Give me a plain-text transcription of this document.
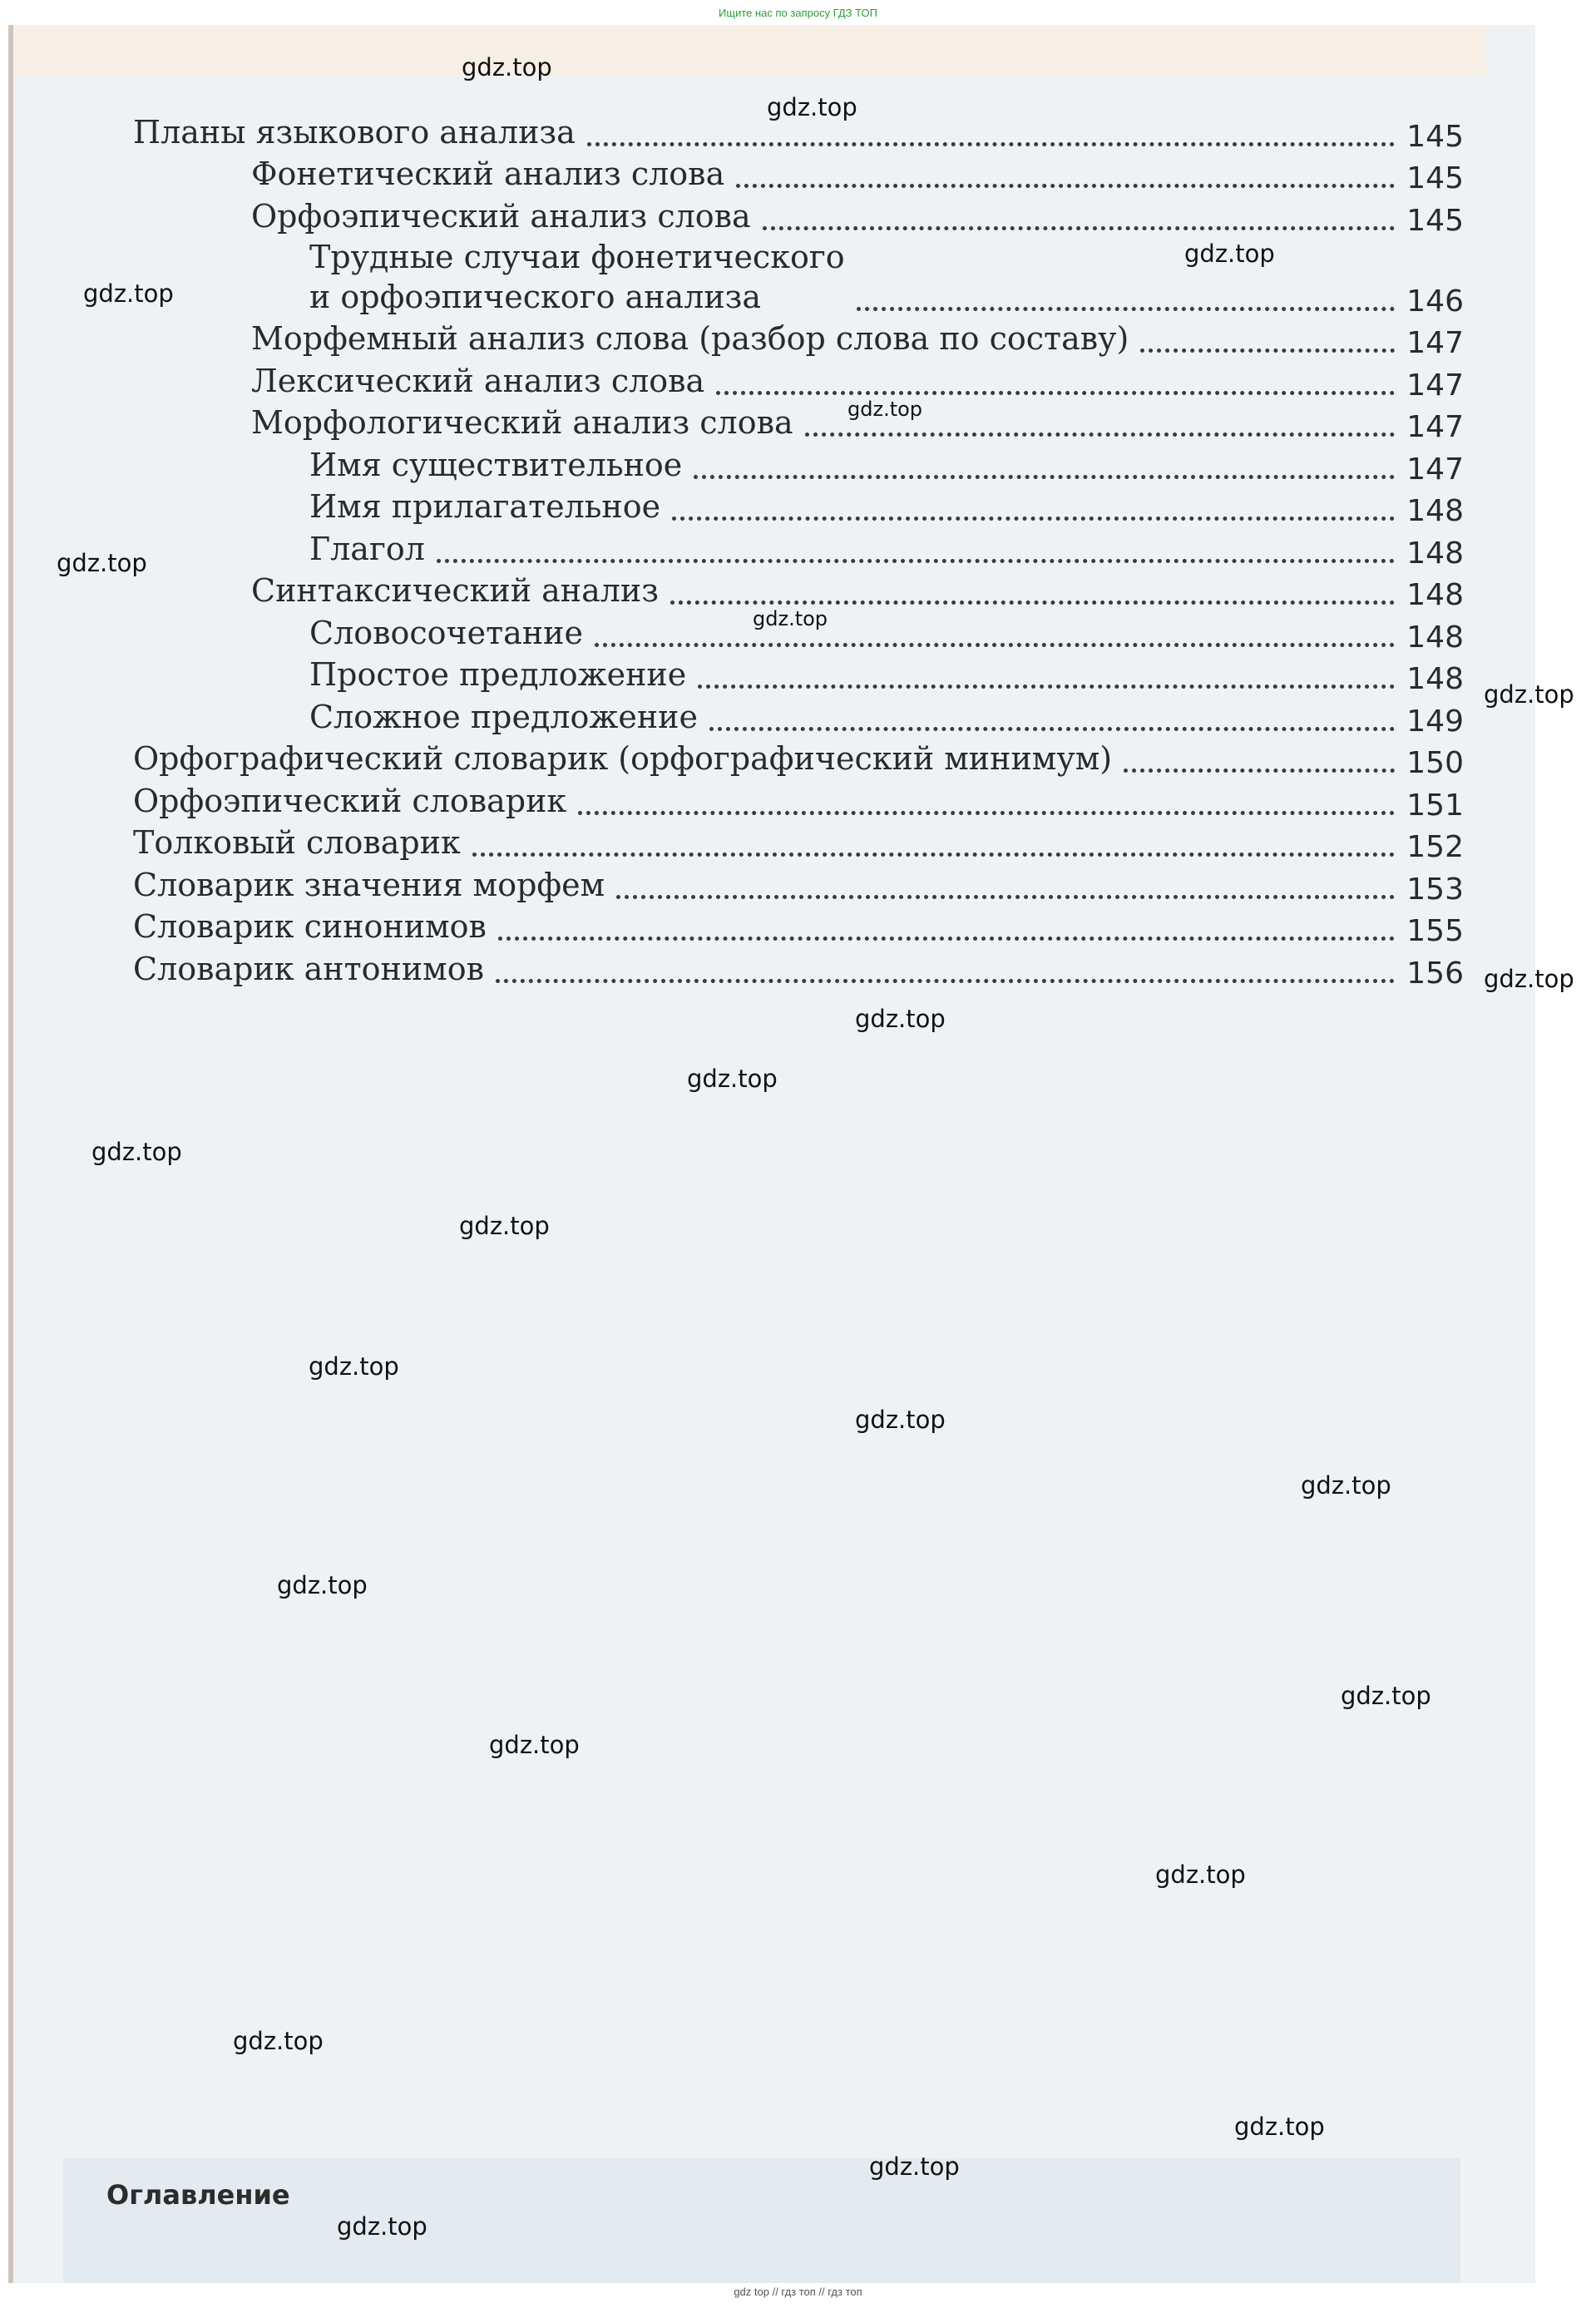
Ищите нас по запросу ГДЗ ТОП
Планы языкового анализа	145
Фонетический анализ слова	145
Орфоэпический анализ слова	145
Трудные случаи фонетического
и орфоэпического анализа	146
Морфемный анализ слова (разбор слова по составу)	147
Лексический анализ слова	147
Морфологический анализ слова	147
Имя существительное	147
Имя прилагательное	148
Глагол	148
Синтаксический анализ	148
Словосочетание	148
Простое предложение	148
Сложное предложение	149
Орфографический словарик (орфографический минимум)	150
Орфоэпический словарик	151
Толковый словарик	152
Словарик значения морфем	153
Словарик синонимов	155
Словарик антонимов	156
Оглавление
gdz.top
gdz.top
gdz.top
gdz.top
gdz.top
gdz.top
gdz.top
gdz.top
gdz.top
gdz.top
gdz.top
gdz.top
gdz.top
gdz.top
gdz.top
gdz.top
gdz.top
gdz.top
gdz.top
gdz.top
gdz.top
gdz.top
gdz.top
gdz.top
gdz top // гдз топ // гдз топ
